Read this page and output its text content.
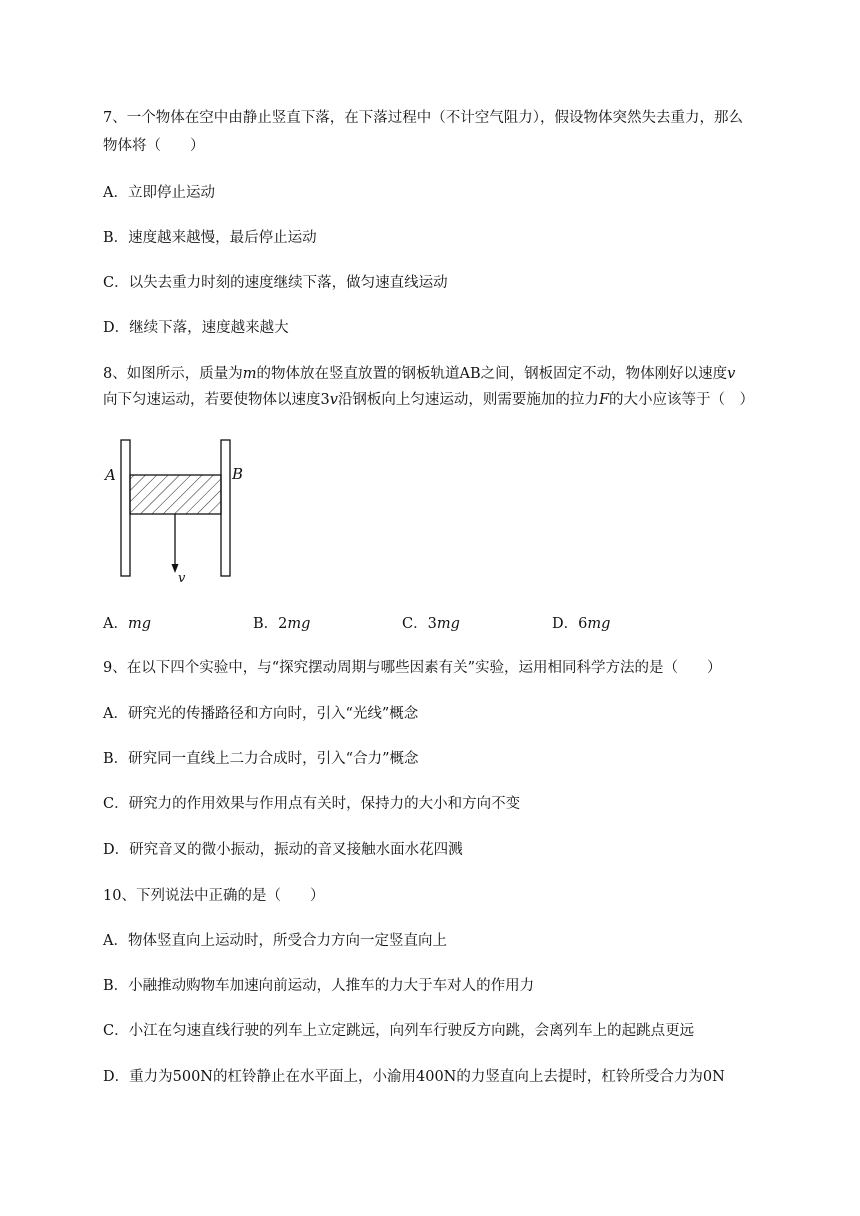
7、一个物体在空中由静止竖直下落，在下落过程中（不计空气阻力），假设物体突然失去重力，那么
物体将（　　）
A．立即停止运动
B．速度越来越慢，最后停止运动
C．以失去重力时刻的速度继续下落，做匀速直线运动
D．继续下落，速度越来越大
8、如图所示，质量为m的物体放在竖直放置的钢板轨道AB之间，钢板固定不动，物体刚好以速度v
向下匀速运动，若要使物体以速度3v沿钢板向上匀速运动，则需要施加的拉力F的大小应该等于（　）
A	B
v
A．mg	B．2mg	C．3mg	D．6mg
9、在以下四个实验中，与“探究摆动周期与哪些因素有关”实验，运用相同科学方法的是（　　）
A．研究光的传播路径和方向时，引入“光线”概念
B．研究同一直线上二力合成时，引入“合力”概念
C．研究力的作用效果与作用点有关时，保持力的大小和方向不变
D．研究音叉的微小振动，振动的音叉接触水面水花四溅
10、下列说法中正确的是（　　）
A．物体竖直向上运动时，所受合力方向一定竖直向上
B．小融推动购物车加速向前运动，人推车的力大于车对人的作用力
C．小江在匀速直线行驶的列车上立定跳远，向列车行驶反方向跳，会离列车上的起跳点更远
D．重力为500N的杠铃静止在水平面上，小渝用400N的力竖直向上去提时，杠铃所受合力为0N
